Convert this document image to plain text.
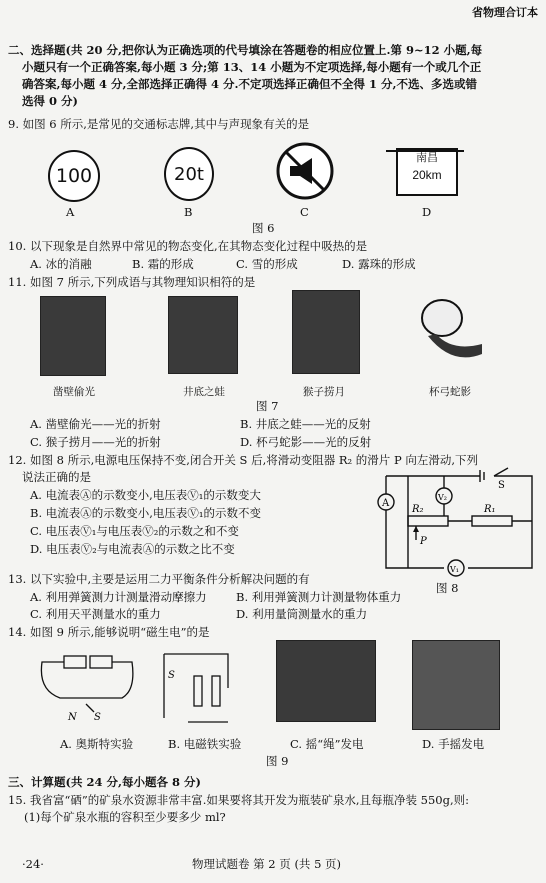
省物理合订本
二、选择题(共 20 分,把你认为正确选项的代号填涂在答题卷的相应位置上.第 9~12 小题,每
小题只有一个正确答案,每小题 3 分;第 13、14 小题为不定项选择,每小题有一个或几个正
确答案,每小题 4 分,全部选择正确得 4 分.不定项选择正确但不全得 1 分,不选、多选或错
选得 0 分)
9. 如图 6 所示,是常见的交通标志牌,其中与声现象有关的是
100	20t
南昌
20km
A	B	C	D
图 6
10. 以下现象是自然界中常见的物态变化,在其物态变化过程中吸热的是
A. 冰的消融	B. 霜的形成	C. 雪的形成	D. 露珠的形成
11. 如图 7 所示,下列成语与其物理知识相符的是
凿壁偷光	井底之蛙	猴子捞月	杯弓蛇影
图 7
A. 凿壁偷光——光的折射	B. 井底之蛙——光的反射
C. 猴子捞月——光的折射	D. 杯弓蛇影——光的反射
12. 如图 8 所示,电源电压保持不变,闭合开关 S 后,将滑动变阻器 R₂ 的滑片 P 向左滑动,下列
说法正确的是
A. 电流表Ⓐ的示数变小,电压表Ⓥ₁的示数变大
B. 电流表Ⓐ的示数变小,电压表Ⓥ₁的示数不变
C. 电压表Ⓥ₁与电压表Ⓥ₂的示数之和不变
D. 电压表Ⓥ₂与电流表Ⓐ的示数之比不变
A
V₂
V₁
R₂	R₁
P
S
图 8
13. 以下实验中,主要是运用二力平衡条件分析解决问题的有
A. 利用弹簧测力计测量滑动摩擦力	B. 利用弹簧测力计测量物体重力
C. 利用天平测量水的重力	D. 利用量筒测量水的重力
14. 如图 9 所示,能够说明“磁生电”的是
N S
S
A. 奥斯特实验	B. 电磁铁实验	C. 摇“绳”发电	D. 手摇发电
图 9
三、计算题(共 24 分,每小题各 8 分)
15. 我省富“硒”的矿泉水资源非常丰富.如果要将其开发为瓶装矿泉水,且每瓶净装 550g,则:
(1)每个矿泉水瓶的容积至少要多少 ml?
·24·	物理试题卷 第 2 页 (共 5 页)
